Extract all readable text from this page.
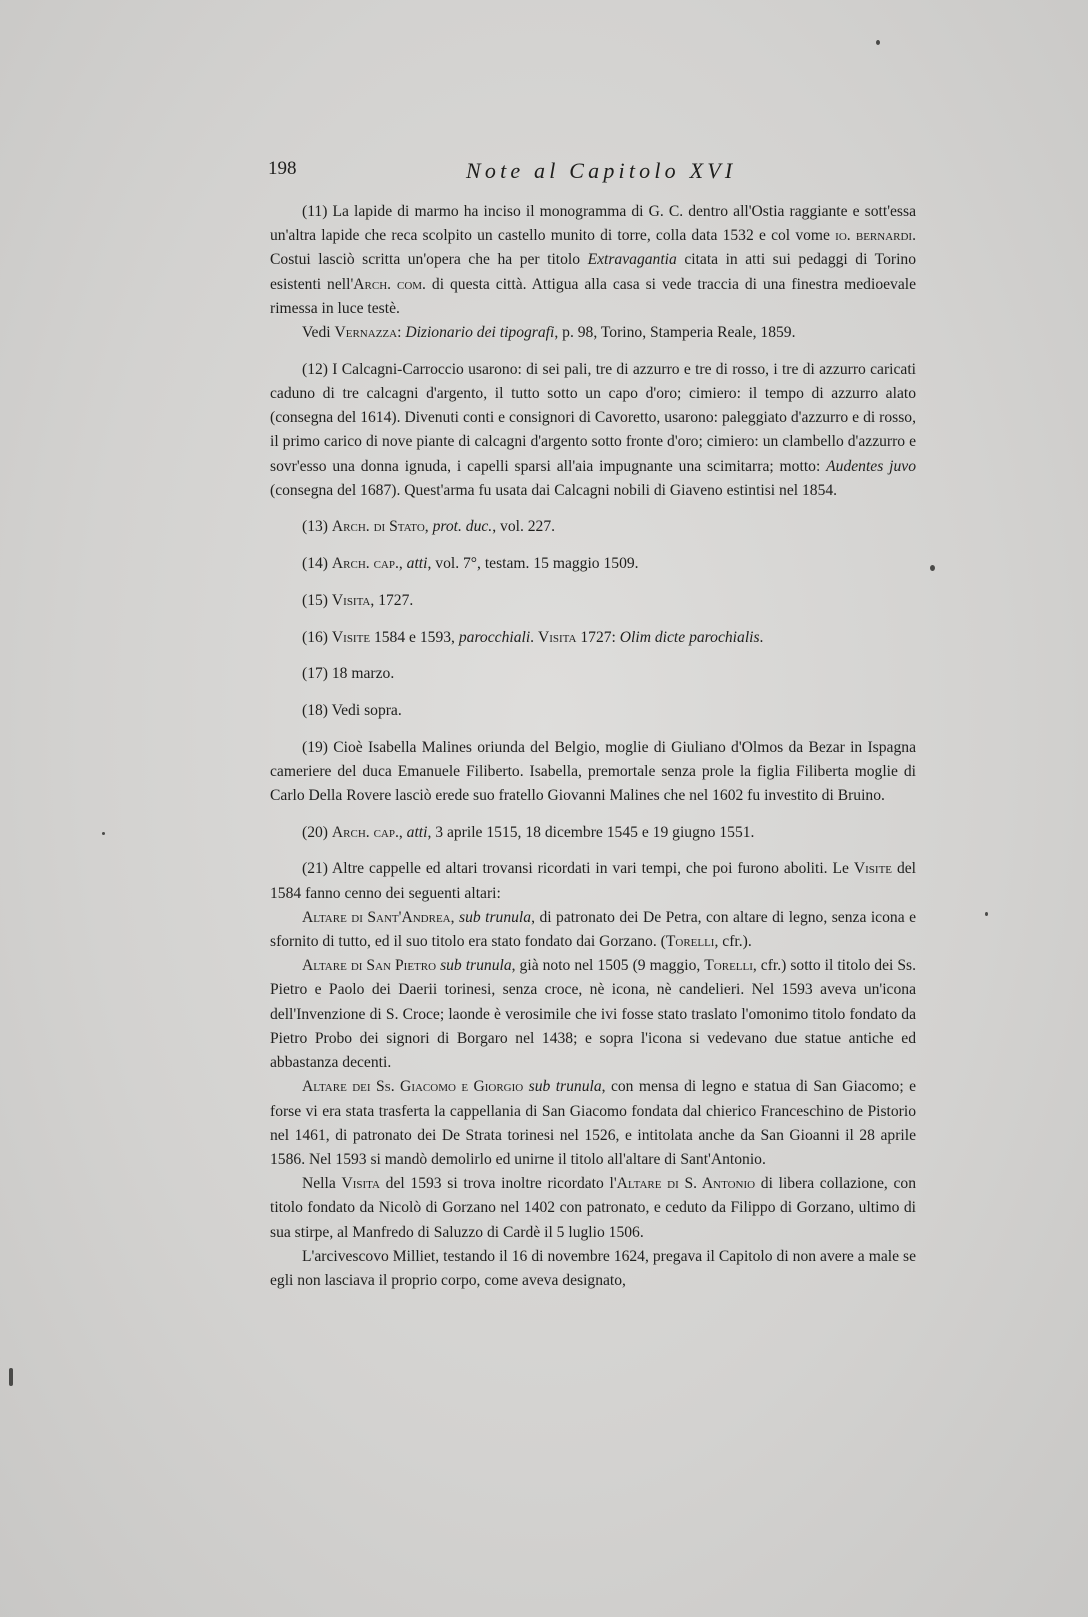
198	Note al Capitolo XVI

(11) La lapide di marmo ha inciso il monogramma di G. C. dentro all'Ostia raggiante e sott'essa un'altra lapide che reca scolpito un castello munito di torre, colla data 1532 e col vome io. bernardi. Costui lasciò scritta un'opera che ha per titolo Extravagantia citata in atti sui pedaggi di Torino esistenti nell'Arch. com. di questa città. Attigua alla casa si vede traccia di una finestra medioevale rimessa in luce testè.

Vedi Vernazza: Dizionario dei tipografi, p. 98, Torino, Stamperia Reale, 1859.

(12) I Calcagni-Carroccio usarono: di sei pali, tre di azzurro e tre di rosso, i tre di azzurro caricati caduno di tre calcagni d'argento, il tutto sotto un capo d'oro; cimiero: il tempo di azzurro alato (consegna del 1614). Divenuti conti e consignori di Cavoretto, usarono: paleggiato d'azzurro e di rosso, il primo carico di nove piante di calcagni d'argento sotto fronte d'oro; cimiero: un clambello d'azzurro e sovr'esso una donna ignuda, i capelli sparsi all'aia impugnante una scimitarra; motto: Audentes juvo (consegna del 1687). Quest'arma fu usata dai Calcagni nobili di Giaveno estintisi nel 1854.

(13) Arch. di Stato, prot. duc., vol. 227.

(14) Arch. cap., atti, vol. 7°, testam. 15 maggio 1509.

(15) Visita, 1727.

(16) Visite 1584 e 1593, parocchiali. Visita 1727: Olim dicte parochialis.

(17) 18 marzo.

(18) Vedi sopra.

(19) Cioè Isabella Malines oriunda del Belgio, moglie di Giuliano d'Olmos da Bezar in Ispagna cameriere del duca Emanuele Filiberto. Isabella, premortale senza prole la figlia Filiberta moglie di Carlo Della Rovere lasciò erede suo fratello Giovanni Malines che nel 1602 fu investito di Bruino.

(20) Arch. cap., atti, 3 aprile 1515, 18 dicembre 1545 e 19 giugno 1551.

(21) Altre cappelle ed altari trovansi ricordati in vari tempi, che poi furono aboliti. Le Visite del 1584 fanno cenno dei seguenti altari:

Altare di Sant'Andrea, sub trunula, di patronato dei De Petra, con altare di legno, senza icona e sfornito di tutto, ed il suo titolo era stato fondato dai Gorzano. (Torelli, cfr.).

Altare di San Pietro sub trunula, già noto nel 1505 (9 maggio, Torelli, cfr.) sotto il titolo dei Ss. Pietro e Paolo dei Daerii torinesi, senza croce, nè icona, nè candelieri. Nel 1593 aveva un'icona dell'Invenzione di S. Croce; laonde è verosimile che ivi fosse stato traslato l'omonimo titolo fondato da Pietro Probo dei signori di Borgaro nel 1438; e sopra l'icona si vedevano due statue antiche ed abbastanza decenti.

Altare dei Ss. Giacomo e Giorgio sub trunula, con mensa di legno e statua di San Giacomo; e forse vi era stata trasferta la cappellania di San Giacomo fondata dal chierico Franceschino de Pistorio nel 1461, di patronato dei De Strata torinesi nel 1526, e intitolata anche da San Gioanni il 28 aprile 1586. Nel 1593 si mandò demolirlo ed unirne il titolo all'altare di Sant'Antonio.

Nella Visita del 1593 si trova inoltre ricordato l'Altare di S. Antonio di libera collazione, con titolo fondato da Nicolò di Gorzano nel 1402 con patronato, e ceduto da Filippo di Gorzano, ultimo di sua stirpe, al Manfredo di Saluzzo di Cardè il 5 luglio 1506.

L'arcivescovo Milliet, testando il 16 di novembre 1624, pregava il Capitolo di non avere a male se egli non lasciava il proprio corpo, come aveva designato,
